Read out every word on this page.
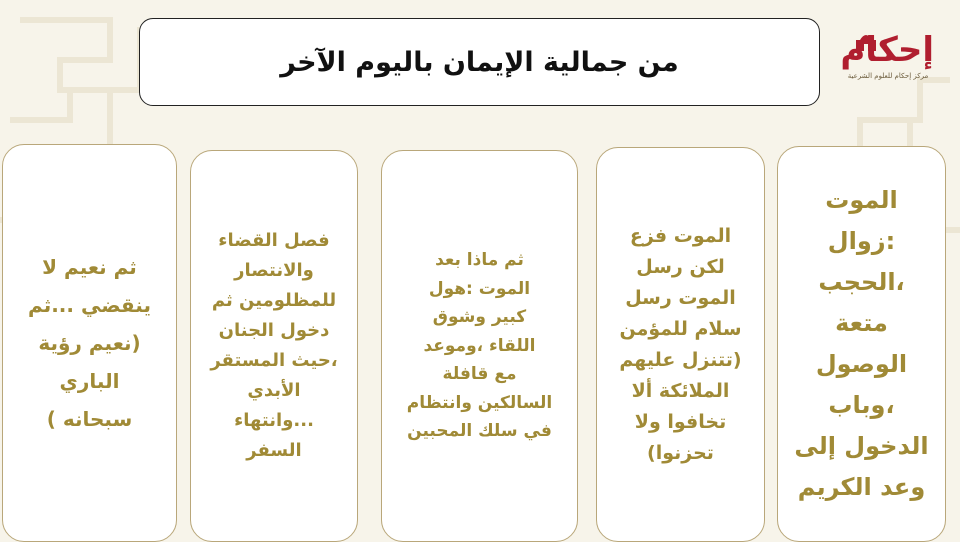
من جمالية الإيمان باليوم الآخر	إحكام
مركز إحكام للعلوم الشرعية
ثم نعيم لا
ينقضي ...ثم
(نعيم رؤية
الباري
سبحانه )
فصل القضاء
والانتصار
للمظلومين ثم
دخول الجنان
،حيث المستقر
الأبدي
...وانتهاء
السفر
ثم ماذا بعد
الموت :هول
كبير وشوق
اللقاء ،وموعد
مع قافلة
السالكين وانتظام
في سلك المحبين
الموت فزع
لكن رسل
الموت رسل
سلام للمؤمن
(تتنزل عليهم
الملائكة ألا
تخافوا ولا
تحزنوا)
الموت
:زوال
،الحجب
متعة
الوصول
،وباب
الدخول إلى
وعد الكريم
